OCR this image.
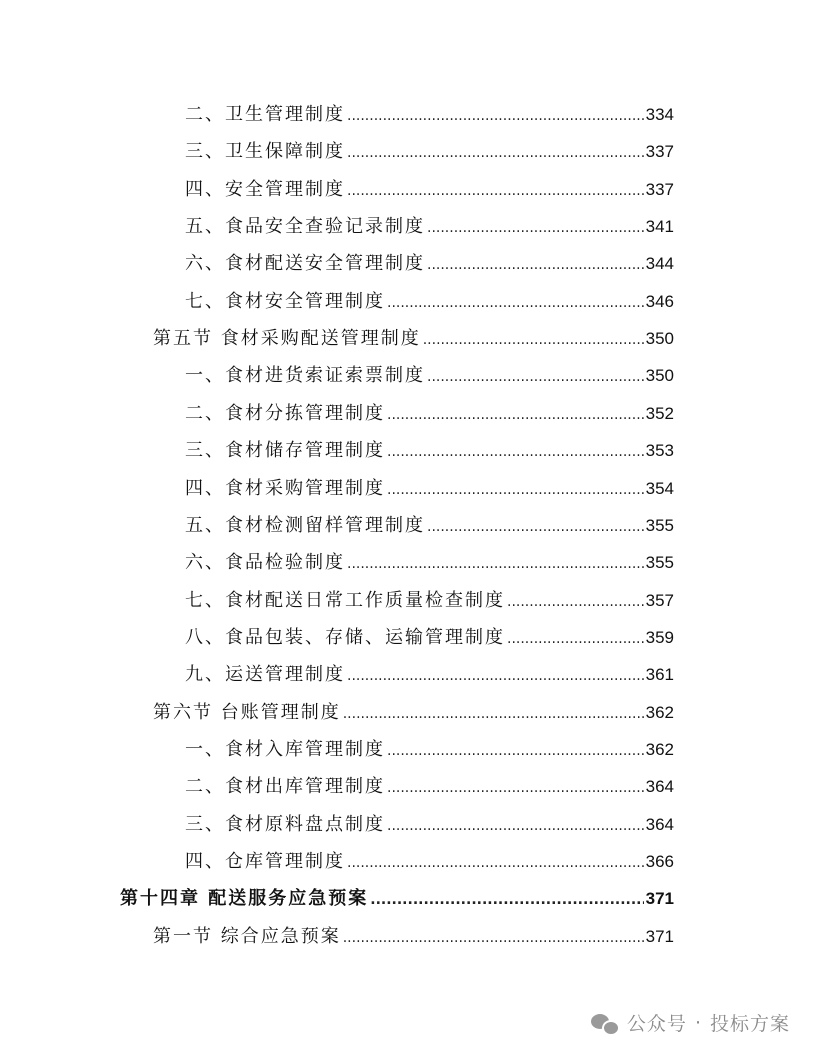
二、卫生管理制度 .....	334
三、卫生保障制度 .....	337
四、安全管理制度 .....	337
五、食品安全查验记录制度 .....	341
六、食材配送安全管理制度 .....	344
七、食材安全管理制度 .....	346
第五节 食材采购配送管理制度 .....	350
一、食材进货索证索票制度 .....	350
二、食材分拣管理制度 .....	352
三、食材储存管理制度 .....	353
四、食材采购管理制度 .....	354
五、食材检测留样管理制度 .....	355
六、食品检验制度 .....	355
七、食材配送日常工作质量检查制度 .....	357
八、食品包装、存储、运输管理制度 .....	359
九、运送管理制度 .....	361
第六节 台账管理制度 .....	362
一、食材入库管理制度 .....	362
二、食材出库管理制度 .....	364
三、食材原料盘点制度 .....	364
四、仓库管理制度 .....	366
第十四章 配送服务应急预案 .....	371
第一节 综合应急预案 .....	371
公众号 · 投标方案
